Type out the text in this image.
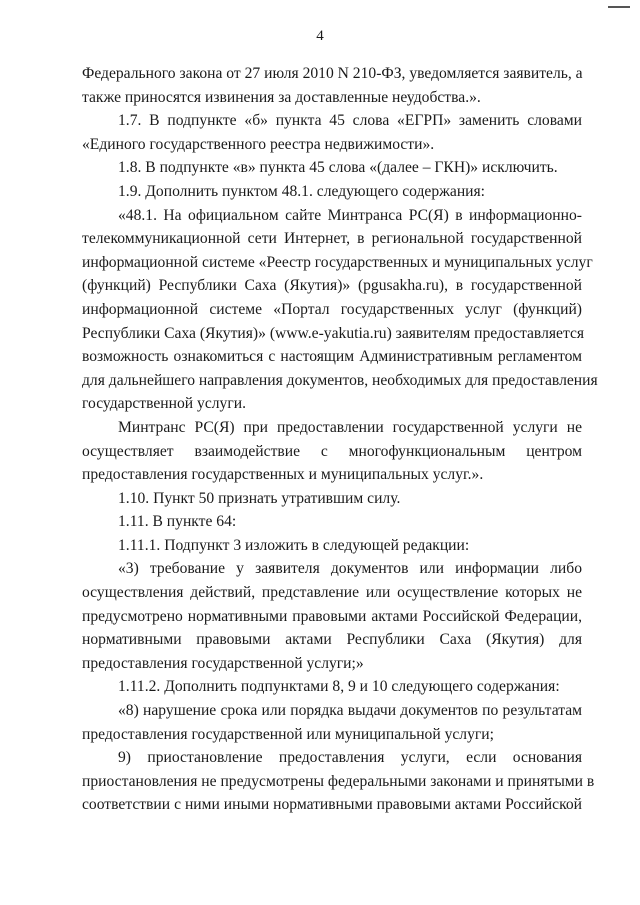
4
Федерального закона от 27 июля 2010 N 210-ФЗ, уведомляется заявитель, а
также приносятся извинения за доставленные неудобства.».
1.7. В подпункте «б» пункта 45 слова «ЕГРП» заменить словами
«Единого государственного реестра недвижимости».
1.8. В подпункте «в» пункта 45 слова «(далее – ГКН)» исключить.
1.9. Дополнить пунктом 48.1. следующего содержания:
«48.1. На официальном сайте Минтранса РС(Я) в информационно-
телекоммуникационной сети Интернет, в региональной государственной
информационной системе «Реестр государственных и муниципальных услуг
(функций) Республики Саха (Якутия)» (pgusakha.ru), в государственной
информационной системе «Портал государственных услуг (функций)
Республики Саха (Якутия)» (www.e-yakutia.ru) заявителям предоставляется
возможность ознакомиться с настоящим Административным регламентом
для дальнейшего направления документов, необходимых для предоставления
государственной услуги.
Минтранс РС(Я) при предоставлении государственной услуги не
осуществляет взаимодействие с многофункциональным центром
предоставления государственных и муниципальных услуг.».
1.10. Пункт 50 признать утратившим силу.
1.11. В пункте 64:
1.11.1. Подпункт 3 изложить в следующей редакции:
«3) требование у заявителя документов или информации либо
осуществления действий, представление или осуществление которых не
предусмотрено нормативными правовыми актами Российской Федерации,
нормативными правовыми актами Республики Саха (Якутия) для
предоставления государственной услуги;»
1.11.2. Дополнить подпунктами 8, 9 и 10 следующего содержания:
«8) нарушение срока или порядка выдачи документов по результатам
предоставления государственной или муниципальной услуги;
9) приостановление предоставления услуги, если основания
приостановления не предусмотрены федеральными законами и принятыми в
соответствии с ними иными нормативными правовыми актами Российской
